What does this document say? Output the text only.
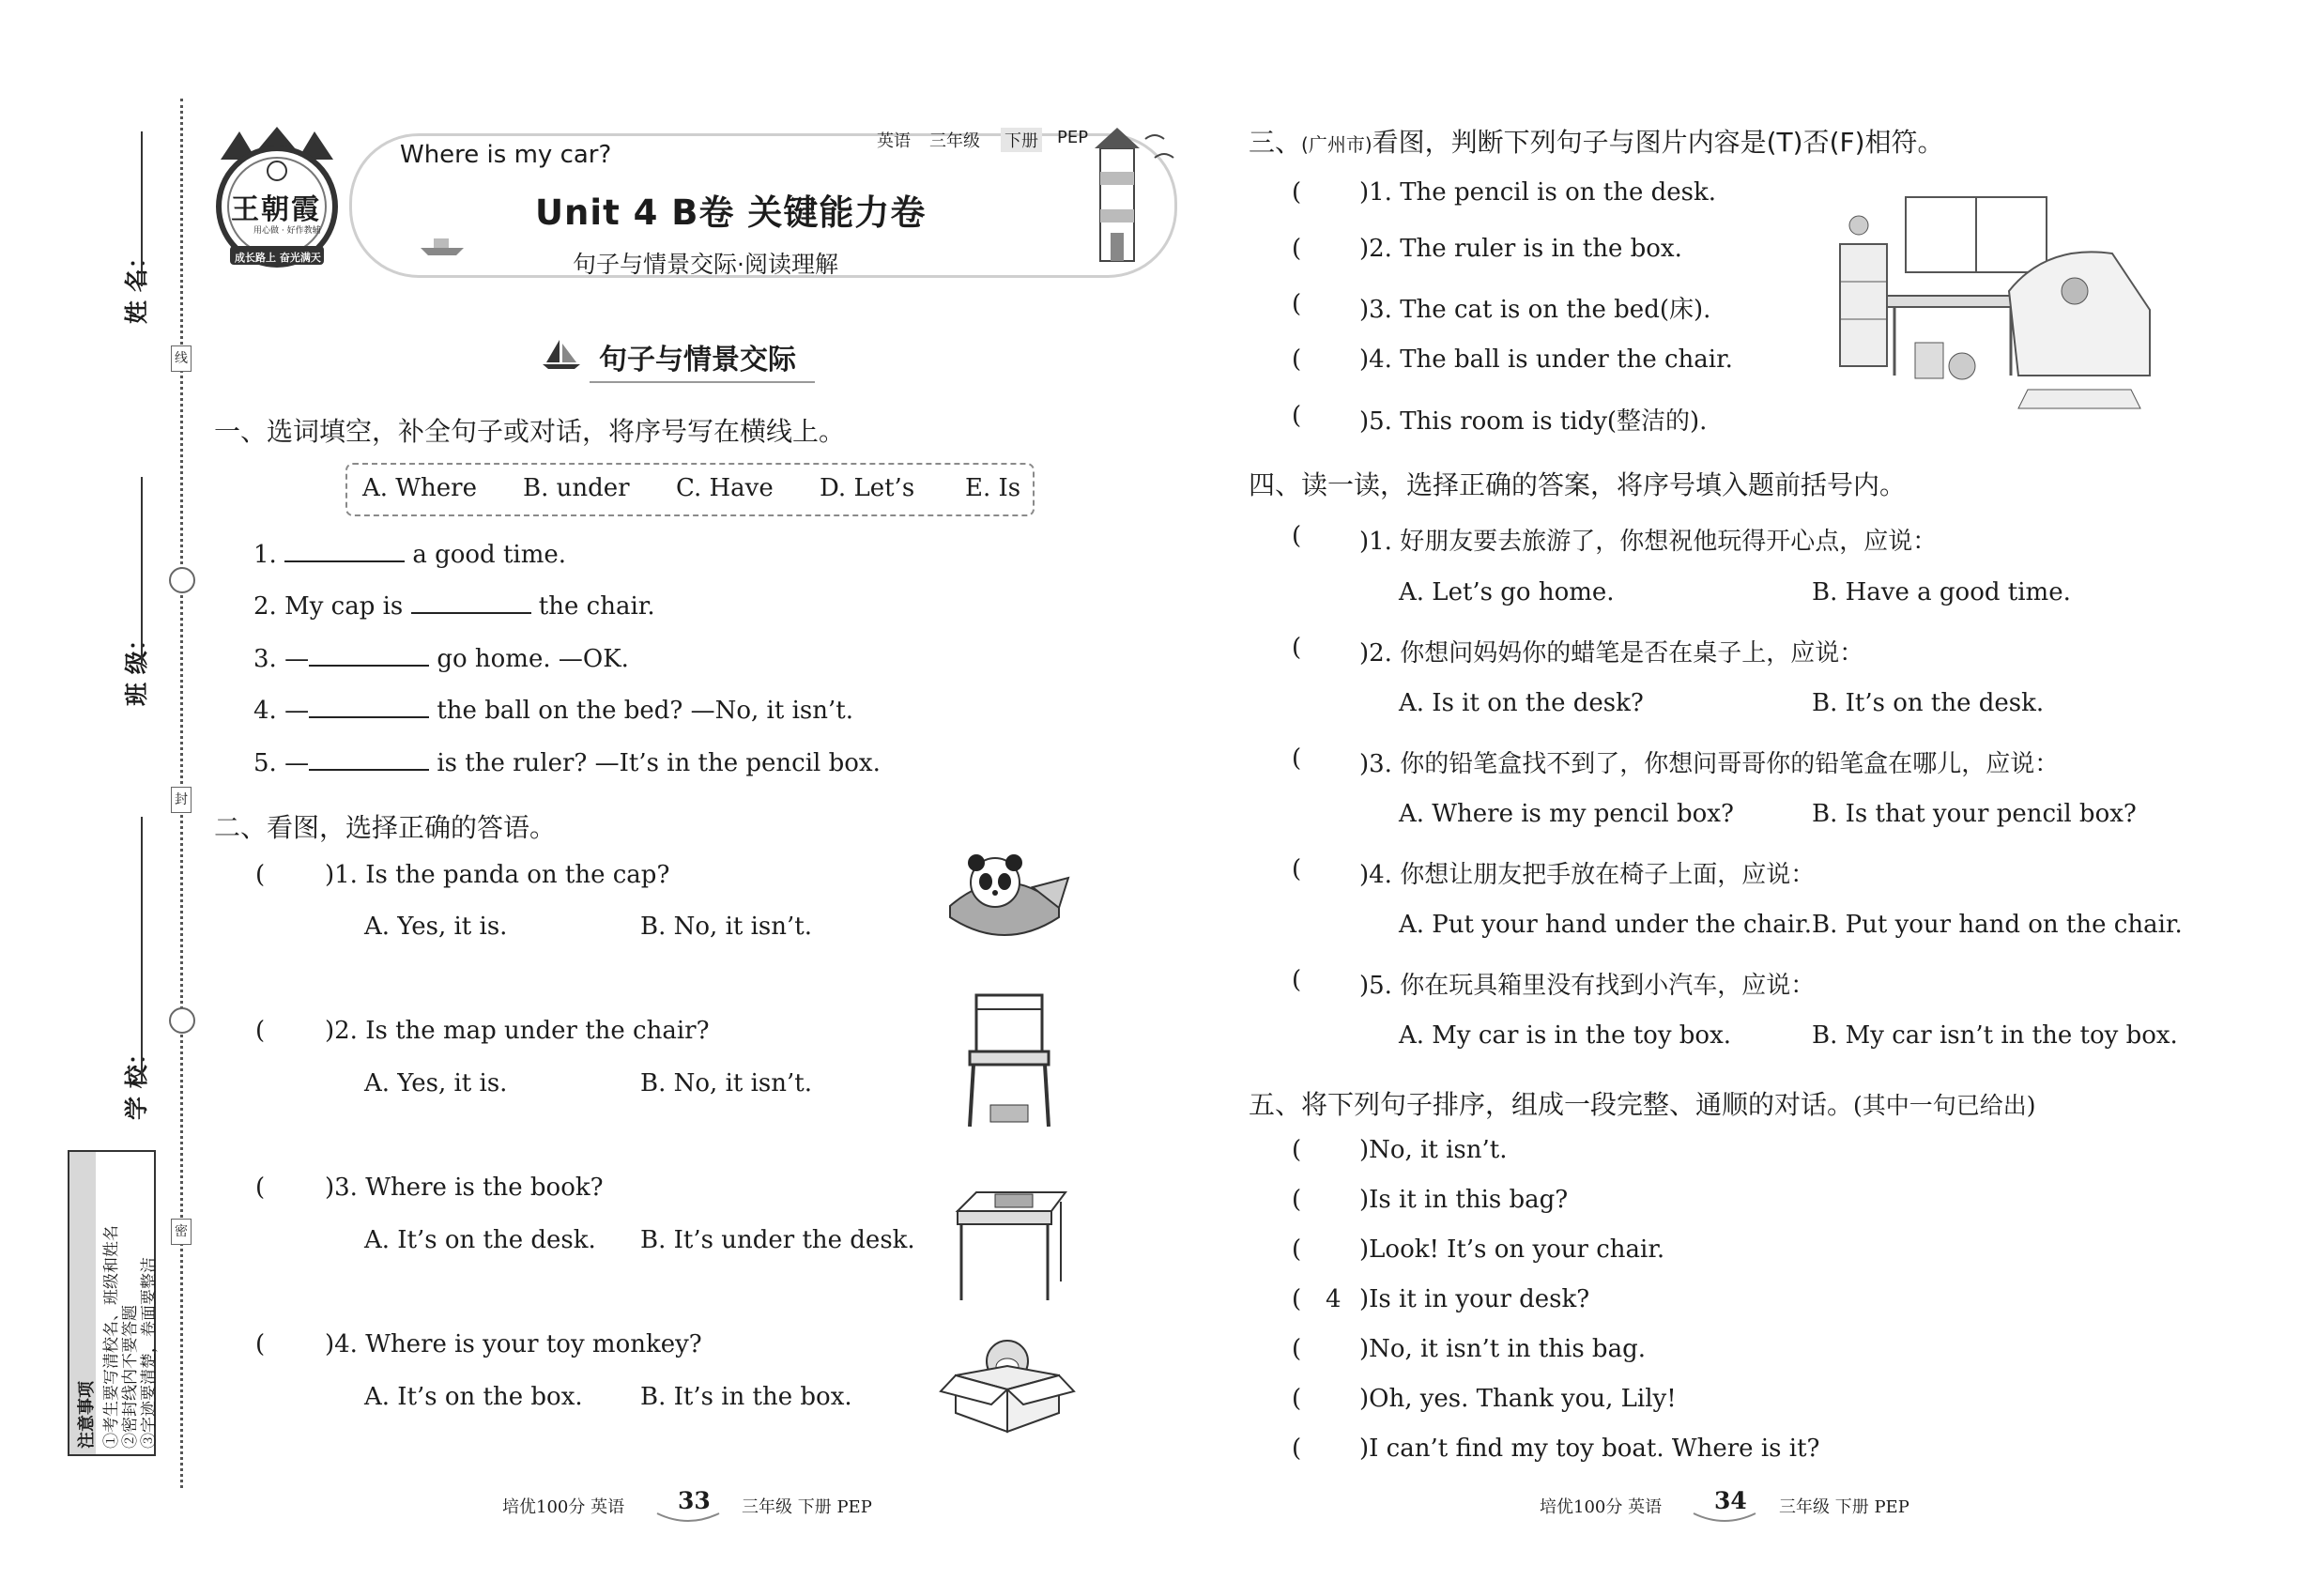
姓 名：
班 级：
学 校：
线
封
密
注意事项 ①考生要写清校名、班级和姓名 ②密封线内不要答题 ③字迹要清楚，卷面要整洁
王朝霞
用心做 · 好作教辅
成长路上 奋光满天
Where is my car?	英语 三年级 下册 PEP
Unit 4 B卷 关键能力卷
句子与情景交际·阅读理解
句子与情景交际
一、选词填空，补全句子或对话，将序号写在横线上。
A. Where B. under C. Have D. Let’s E. Is
1.	a good time.
2. My cap is	the chair.
3. —	go home. —OK.
4. —	the ball on the bed? —No, it isn’t.
5. —	is the ruler? —It’s in the pencil box.
二、看图，选择正确的答语。
( )1. Is the panda on the cap?
A. Yes, it is.	B. No, it isn’t.
( )2. Is the map under the chair?
A. Yes, it is.	B. No, it isn’t.
( )3. Where is the book?
A. It’s on the desk. B. It’s under the desk.
( )4. Where is your toy monkey?
A. It’s on the box. B. It’s in the box.
培优100分 英语 33 三年级 下册 PEP
三、(广州市)看图，判断下列句子与图片内容是(T)否(F)相符。
( )1. The pencil is on the desk.
( )2. The ruler is in the box.
( )3. The cat is on the bed(床).
( )4. The ball is under the chair.
( )5. This room is tidy(整洁的).
四、读一读，选择正确的答案，将序号填入题前括号内。
( )1. 好朋友要去旅游了，你想祝他玩得开心点，应说：
A. Let’s go home.	B. Have a good time.
( )2. 你想问妈妈你的蜡笔是否在桌子上，应说：
A. Is it on the desk?	B. It’s on the desk.
( )3. 你的铅笔盒找不到了，你想问哥哥你的铅笔盒在哪儿，应说：
A. Where is my pencil box?	B. Is that your pencil box?
( )4. 你想让朋友把手放在椅子上面，应说：
A. Put your hand under the chair. B. Put your hand on the chair.
( )5. 你在玩具箱里没有找到小汽车，应说：
A. My car is in the toy box.	B. My car isn’t in the toy box.
五、将下列句子排序，组成一段完整、通顺的对话。(其中一句已给出)
( )No, it isn’t.
( )Is it in this bag?
( )Look! It’s on your chair.
( 4 )Is it in your desk?
( )No, it isn’t in this bag.
( )Oh, yes. Thank you, Lily!
( )I can’t find my toy boat. Where is it?
培优100分 英语 34 三年级 下册 PEP
